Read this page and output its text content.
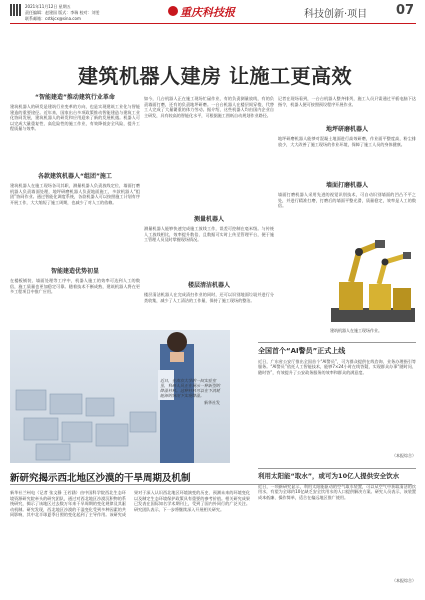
2021年11月12日 星期五
责任编辑：赵建国 版式：李瑞 校对：刘雯
联系邮箱：cstkjcx@sina.com	重庆科技报	科技创新·项目 07
建筑机器人建房 让施工更高效
“智能建造”推动建筑行业革命
建筑机器人的研发是建筑行业变革的方向，也是实现建筑工业化与智能建造的重要途径。近年来，国家出台多项政策推动智能建造与建筑工业化协同发展，建筑机器人的研发和应用迎来了新的发展机遇。机器人可以完成大量重复性、高危险性的施工作业，有效降低安全风险，提升工程质量与效率。
各款建筑机器人“组团”施工
建筑机器人在施工现场各司其职，测量机器人负责放线定位，墙面打磨机器人负责墙面处理，地坪研磨机器人负责地面施工，多款机器人“组团”协同作业。通过智能化调度系统，各款机器人可以按照施工计划有序开展工作，大大缩短了施工周期，也减少了对人工的依赖。
智能建造优势初显
在楼板铺装、墙面处理等工序中，机器人施工的效率可达到人工的数倍，施工质量也更加稳定可靠。随着技术不断成熟，建筑机器人将在更多工程项目中推广应用。
如今，几台机器人正在施工现场忙碌作业，有的负责测量放线，有的负责墙面打磨，还有的负责地坪研磨。一台台机器人在楼层间穿梭，代替工人完成了大量繁重的体力劳动。据介绍，这些机器人均由国内企业自主研发，具有较高的智能化水平，可根据施工图纸自动规划作业路径。
测量机器人
测量机器人能够快速完成施工放线工作，误差可控制在毫米级。与传统人工放线相比，效率提升数倍，且数据可实时上传至管理平台，便于施工管理人员及时掌握现场情况。
楼层清洁机器人
楼层清洁机器人在完成清扫作业的同时，还可以识别地面垃圾并进行分类收集，减少了人工清洁的工作量，保持了施工现场的整洁。
记者在现场看到，一台台机器人整齐排列，施工人员只需通过平板电脑下达指令，机器人便可按照预设程序开展作业。
地坪研磨机器人
地坪研磨机器人能够对混凝土地面进行高效研磨，作业面平整度高，粉尘排放少，大大改善了施工现场的作业环境，保障了施工人员的身体健康。
墙面打磨机器人
墙面打磨机器人采用先进的视觉识别技术，可自动识别墙面的凹凸不平之处，并进行精准打磨，打磨后的墙面平整光滑，质量稳定，效率是人工的数倍。
建筑机器人在施工现场作业。
近日，在南京大学的一间实验室里，科研人员正在展示一种新型的降温材料。这种材料可以在不消耗能源的情况下实现降温。
新华社发
新研究揭示西北地区沙漠的干旱周期及机制
新华社兰州电（记者 张文静 王若涵）由中国科学院西北生态环境资源研究院牵头的研究团队，通过对西北地区沙漠沉积物的系统研究，揭示了该地区过去数万年来干旱周期的变化规律及其驱动机制。研究发现，西北地区沙漠的干湿变化受到多种因素的共同影响，其中北半球夏季日照的变化起到了主导作用。该研究成果对于深入认识西北地区环境演变的历史、预测未来的环境变化以及制定生态环境保护政策具有重要的参考价值。相关研究成果已发表在国际知名学术期刊上，受到了国内外同行的广泛关注。研究团队表示，下一步将继续深入开展相关研究。
全国首个“AI警员”正式上线
近日，广东省公安厅推出全国首个“AI警员”，可为群众提供在线咨询、业务办理指引等服务。“AI警员”依托人工智能技术，能够7×24小时在线答疑，实现群众办事“随时问、随时答”，有效提升了公安政务服务的效率和群众的满意度。
（本报综合）
利用太阳能“取水”，或可为10亿人提供安全饮水
近日，一项新研究显示，利用太阳能驱动的空气取水装置，可以从空气中获取清洁的饮用水，有望为全球约10亿缺乏安全饮用水的人口提供解决方案。研究人员表示，该装置成本低廉、操作简单，适合在偏远地区推广使用。
（本报综合）
